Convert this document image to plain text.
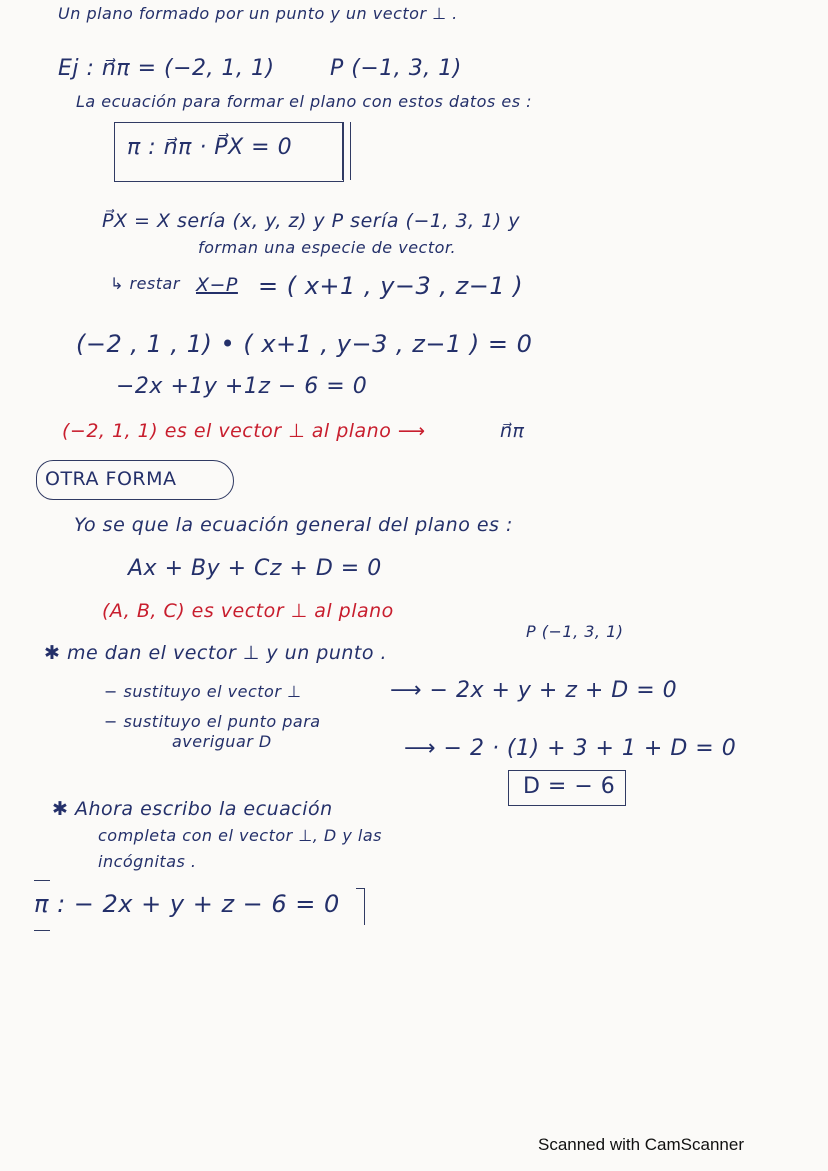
Un plano formado por un punto y un vector ⊥ .
Ej : n⃗π = (−2, 1, 1)	P (−1, 3, 1)
La ecuación para formar el plano con estos datos es :
π : n⃗π · P⃗X = 0
P⃗X = X sería (x, y, z) y P sería (−1, 3, 1) y
forman una especie de vector.
↳ restar X−P = ( x+1 , y−3 , z−1 )
(−2 , 1 , 1) • ( x+1 , y−3 , z−1 ) = 0
−2x +1y +1z − 6 = 0
(−2, 1, 1) es el vector ⊥ al plano ⟶	n⃗π
OTRA FORMA
Yo se que la ecuación general del plano es :
Ax + By + Cz + D = 0
(A, B, C) es vector ⊥ al plano
P (−1, 3, 1)
✱ me dan el vector ⊥ y un punto .
− sustituyo el vector ⊥	⟶ − 2x + y + z + D = 0
− sustituyo el punto para
averiguar D	⟶ − 2 · (1) + 3 + 1 + D = 0
D = − 6
✱ Ahora escribo la ecuación
completa con el vector ⊥, D y las
incógnitas .
π : − 2x + y + z − 6 = 0
Scanned with CamScanner
